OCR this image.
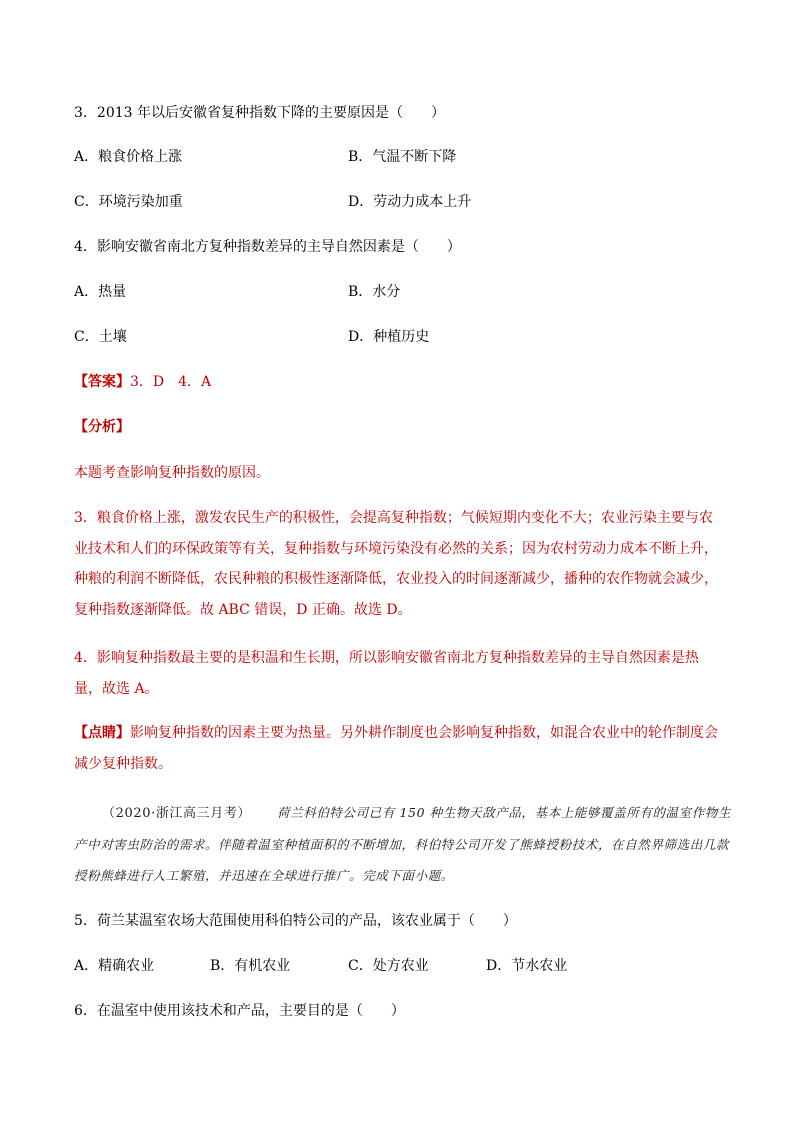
3．2013 年以后安徽省复种指数下降的主要原因是（　　）
A．粮食价格上涨	B．气温不断下降
C．环境污染加重	D．劳动力成本上升
4．影响安徽省南北方复种指数差异的主导自然因素是（　　）
A．热量	B．水分
C．土壤	D．种植历史
【答案】3．D　4．A
【分析】
本题考查影响复种指数的原因。
3．粮食价格上涨，激发农民生产的积极性，会提高复种指数；气候短期内变化不大；农业污染主要与农业技术和人们的环保政策等有关，复种指数与环境污染没有必然的关系；因为农村劳动力成本不断上升，种粮的利润不断降低，农民种粮的积极性逐渐降低，农业投入的时间逐渐减少，播种的农作物就会减少，复种指数逐渐降低。故 ABC 错误，D 正确。故选 D。
4．影响复种指数最主要的是积温和生长期，所以影响安徽省南北方复种指数差异的主导自然因素是热量，故选 A。
【点睛】影响复种指数的因素主要为热量。另外耕作制度也会影响复种指数，如混合农业中的轮作制度会减少复种指数。
（2020·浙江高三月考） 荷兰科伯特公司已有 150 种生物天敌产品，基本上能够覆盖所有的温室作物生产中对害虫防治的需求。伴随着温室种植面积的不断增加，科伯特公司开发了熊蜂授粉技术，在自然界筛选出几款授粉熊蜂进行人工繁殖，并迅速在全球进行推广。完成下面小题。
5．荷兰某温室农场大范围使用科伯特公司的产品，该农业属于（　　）
A．精确农业	B．有机农业	C．处方农业	D．节水农业
6．在温室中使用该技术和产品，主要目的是（　　）
